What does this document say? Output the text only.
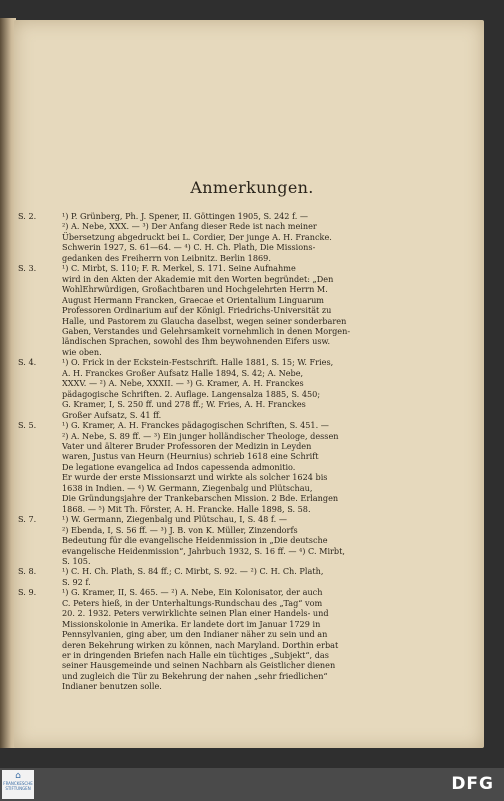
Anmerkungen.
S. 2.	¹) P. Grünberg, Ph. J. Spener, II. Göttingen 1905, S. 242 f. —
²) A. Nebe, XXX. — ³) Der Anfang dieser Rede ist nach meiner
Übersetzung abgedruckt bei L. Cordier, Der junge A. H. Francke.
Schwerin 1927, S. 61—64. — ⁴) C. H. Ch. Plath, Die Missions-
gedanken des Freiherrn von Leibnitz. Berlin 1869.
S. 3.	¹) C. Mirbt, S. 110; F. R. Merkel, S. 171. Seine Aufnahme
wird in den Akten der Akademie mit den Worten begründet: „Den
WohlEhrwürdigen, Großachtbaren und Hochgelehrten Herrn M.
August Hermann Francken, Graecae et Orientalium Linguarum
Professoren Ordinarium auf der Königl. Friedrichs-Universität zu
Halle, und Pastorem zu Glaucha daselbst, wegen seiner sonderbaren
Gaben, Verstandes und Gelehrsamkeit vornehmlich in denen Morgen-
ländischen Sprachen, sowohl des Ihm beywohnenden Eifers usw.
wie oben.
S. 4.	¹) O. Frick in der Eckstein-Festschrift. Halle 1881, S. 15; W. Fries,
A. H. Franckes Großer Aufsatz Halle 1894, S. 42; A. Nebe,
XXXV. — ²) A. Nebe, XXXII. — ³) G. Kramer, A. H. Franckes
pädagogische Schriften. 2. Auflage. Langensalza 1885, S. 450;
G. Kramer, I, S. 250 ff. und 278 ff.; W. Fries, A. H. Franckes
Großer Aufsatz, S. 41 ff.
S. 5.	¹) G. Kramer, A. H. Franckes pädagogischen Schriften, S. 451. —
²) A. Nebe, S. 89 ff. — ³) Ein junger holländischer Theologe, dessen
Vater und älterer Bruder Professoren der Medizin in Leyden
waren, Justus van Heurn (Heurnius) schrieb 1618 eine Schrift
De legatione evangelica ad Indos capessenda admonitio.
Er wurde der erste Missionsarzt und wirkte als solcher 1624 bis
1638 in Indien. — ⁴) W. Germann, Ziegenbalg und Plütschau,
Die Gründungsjahre der Trankebarschen Mission. 2 Bde. Erlangen
1868. — ⁵) Mit Th. Förster, A. H. Francke. Halle 1898, S. 58.
S. 7.	¹) W. Germann, Ziegenbalg und Plütschau, I, S. 48 f. —
²) Ebenda, I, S. 56 ff. — ³) J. B. von K. Müller, Zinzendorfs
Bedeutung für die evangelische Heidenmission in „Die deutsche
evangelische Heidenmission“, Jahrbuch 1932, S. 16 ff. — ⁴) C. Mirbt,
S. 105.
S. 8.	¹) C. H. Ch. Plath, S. 84 ff.; C. Mirbt, S. 92. — ²) C. H. Ch. Plath,
S. 92 f.
S. 9.	¹) G. Kramer, II, S. 465. — ²) A. Nebe, Ein Kolonisator, der auch
C. Peters hieß, in der Unterhaltungs-Rundschau des „Tag“ vom
20. 2. 1932. Peters verwirklichte seinen Plan einer Handels- und
Missionskolonie in Amerika. Er landete dort im Januar 1729 in
Pennsylvanien, ging aber, um den Indianer näher zu sein und an
deren Bekehrung wirken zu können, nach Maryland. Dorthin erbat
er in dringenden Briefen nach Halle ein tüchtiges „Subjekt“, das
seiner Hausgemeinde und seinen Nachbarn als Geistlicher dienen
und zugleich die Tür zu Bekehrung der nahen „sehr friedlichen“
Indianer benutzen solle.
⌂
FRANCKESCHE STIFTUNGEN	DFG
